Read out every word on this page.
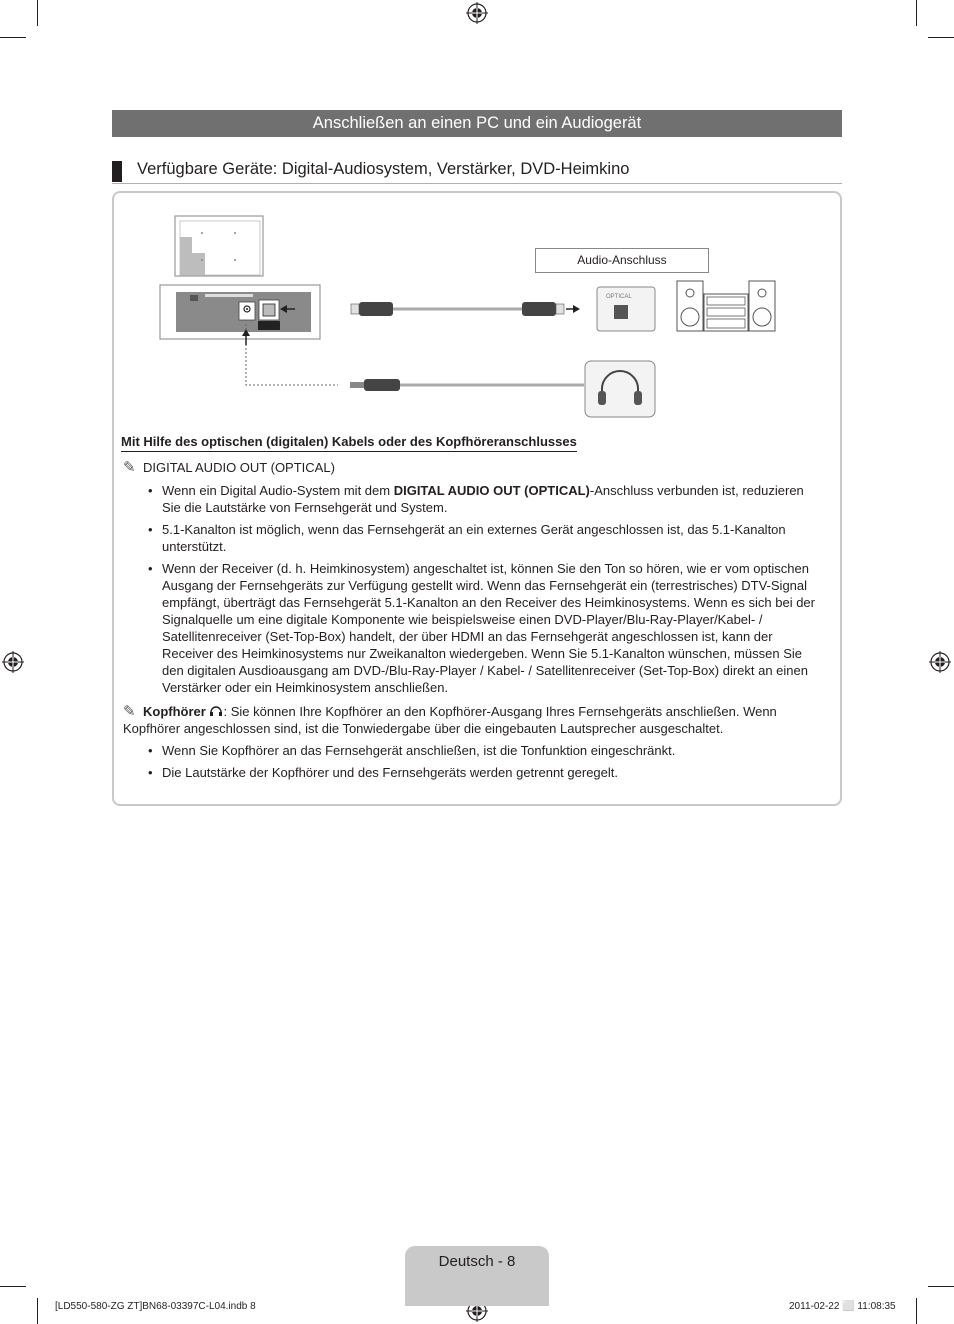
Anschließen an einen PC und ein Audiogerät
Verfügbare Geräte: Digital-Audiosystem, Verstärker, DVD-Heimkino
Audio-Anschluss
OPTICAL
Mit Hilfe des optischen (digitalen) Kabels oder des Kopfhöreranschlusses
✎ DIGITAL AUDIO OUT (OPTICAL)
• Wenn ein Digital Audio-System mit dem DIGITAL AUDIO OUT (OPTICAL)-Anschluss verbunden ist, reduzieren Sie die Lautstärke von Fernsehgerät und System.
• 5.1-Kanalton ist möglich, wenn das Fernsehgerät an ein externes Gerät angeschlossen ist, das 5.1-Kanalton unterstützt.
• Wenn der Receiver (d. h. Heimkinosystem) angeschaltet ist, können Sie den Ton so hören, wie er vom optischen Ausgang der Fernsehgeräts zur Verfügung gestellt wird. Wenn das Fernsehgerät ein (terrestrisches) DTV-Signal empfängt, überträgt das Fernsehgerät 5.1-Kanalton an den Receiver des Heimkinosystems. Wenn es sich bei der Signalquelle um eine digitale Komponente wie beispielsweise einen DVD-Player/Blu-Ray-Player/Kabel- / Satellitenreceiver (Set-Top-Box) handelt, der über HDMI an das Fernsehgerät angeschlossen ist, kann der Receiver des Heimkinosystems nur Zweikanalton wiedergeben. Wenn Sie 5.1-Kanalton wünschen, müssen Sie den digitalen Ausdioausgang am DVD-/Blu-Ray-Player / Kabel- / Satellitenreceiver (Set-Top-Box) direkt an einen Verstärker oder ein Heimkinosystem anschließen.
✎ Kopfhörer : Sie können Ihre Kopfhörer an den Kopfhörer-Ausgang Ihres Fernsehgeräts anschließen. Wenn Kopfhörer angeschlossen sind, ist die Tonwiedergabe über die eingebauten Lautsprecher ausgeschaltet.
• Wenn Sie Kopfhörer an das Fernsehgerät anschließen, ist die Tonfunktion eingeschränkt.
• Die Lautstärke der Kopfhörer und des Fernsehgeräts werden getrennt geregelt.
Deutsch - 8
[LD550-580-ZG ZT]BN68-03397C-L04.indb 8	2011-02-22 ⬜ 11:08:35
